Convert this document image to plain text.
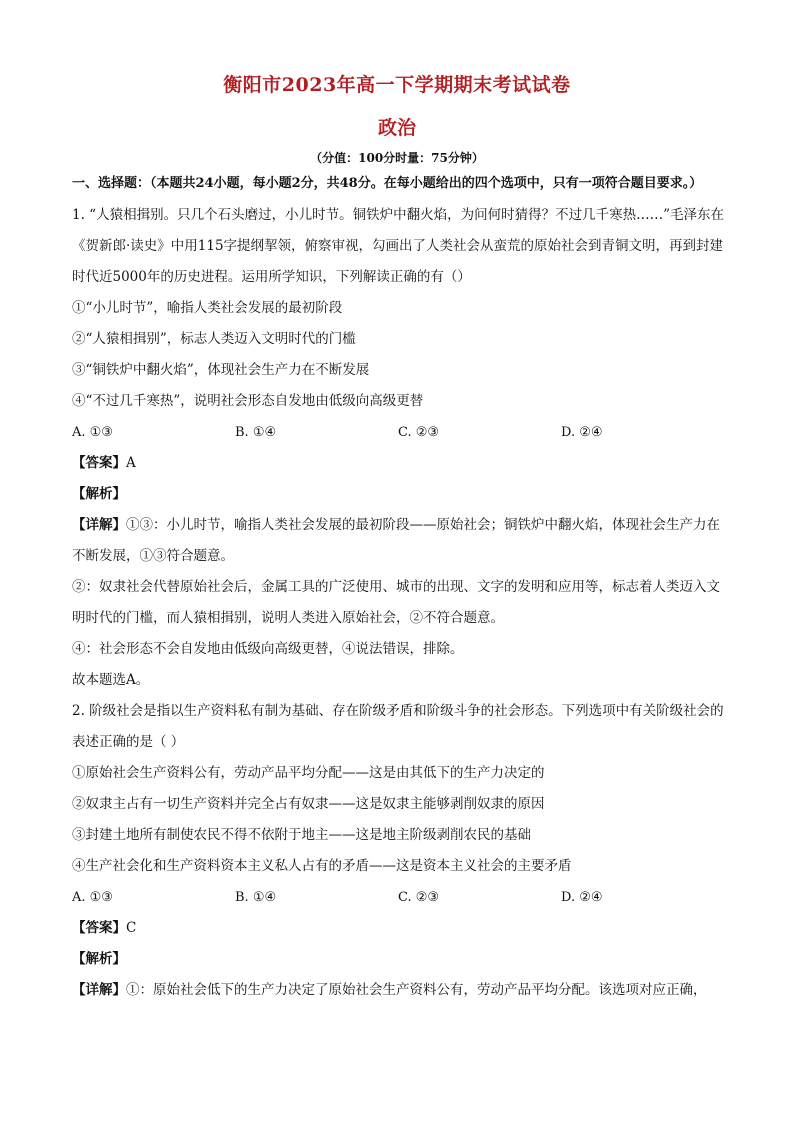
衡阳市2023年高一下学期期末考试试卷
政治
（分值：100分时量：75分钟）
一、选择题：（本题共24小题，每小题2分，共48分。在每小题给出的四个选项中，只有一项符合题目要求。）

1. “人猿相揖别。只几个石头磨过，小儿时节。铜铁炉中翻火焰，为问何时猜得？不过几千寒热……”毛泽东在《贺新郎·读史》中用115字提纲挈领，俯察审视，勾画出了人类社会从蛮荒的原始社会到青铜文明，再到封建时代近5000年的历史进程。运用所学知识，下列解读正确的有（）

①“小儿时节”，喻指人类社会发展的最初阶段

②“人猿相揖别”，标志人类迈入文明时代的门槛

③“铜铁炉中翻火焰”，体现社会生产力在不断发展

④“不过几千寒热”，说明社会形态自发地由低级向高级更替

A. ①③	B. ①④	C. ②③	D. ②④

【答案】A

【解析】

【详解】①③：小儿时节，喻指人类社会发展的最初阶段——原始社会；铜铁炉中翻火焰，体现社会生产力在不断发展，①③符合题意。

②：奴隶社会代替原始社会后，金属工具的广泛使用、城市的出现、文字的发明和应用等，标志着人类迈入文明时代的门槛，而人猿相揖别，说明人类进入原始社会，②不符合题意。

④：社会形态不会自发地由低级向高级更替，④说法错误，排除。

故本题选A。

2. 阶级社会是指以生产资料私有制为基础、存在阶级矛盾和阶级斗争的社会形态。下列选项中有关阶级社会的表述正确的是（ ）

①原始社会生产资料公有，劳动产品平均分配——这是由其低下的生产力决定的

②奴隶主占有一切生产资料并完全占有奴隶——这是奴隶主能够剥削奴隶的原因

③封建土地所有制使农民不得不依附于地主——这是地主阶级剥削农民的基础

④生产社会化和生产资料资本主义私人占有的矛盾——这是资本主义社会的主要矛盾

A. ①③	B. ①④	C. ②③	D. ②④

【答案】C

【解析】

【详解】①：原始社会低下的生产力决定了原始社会生产资料公有，劳动产品平均分配。该选项对应正确，
